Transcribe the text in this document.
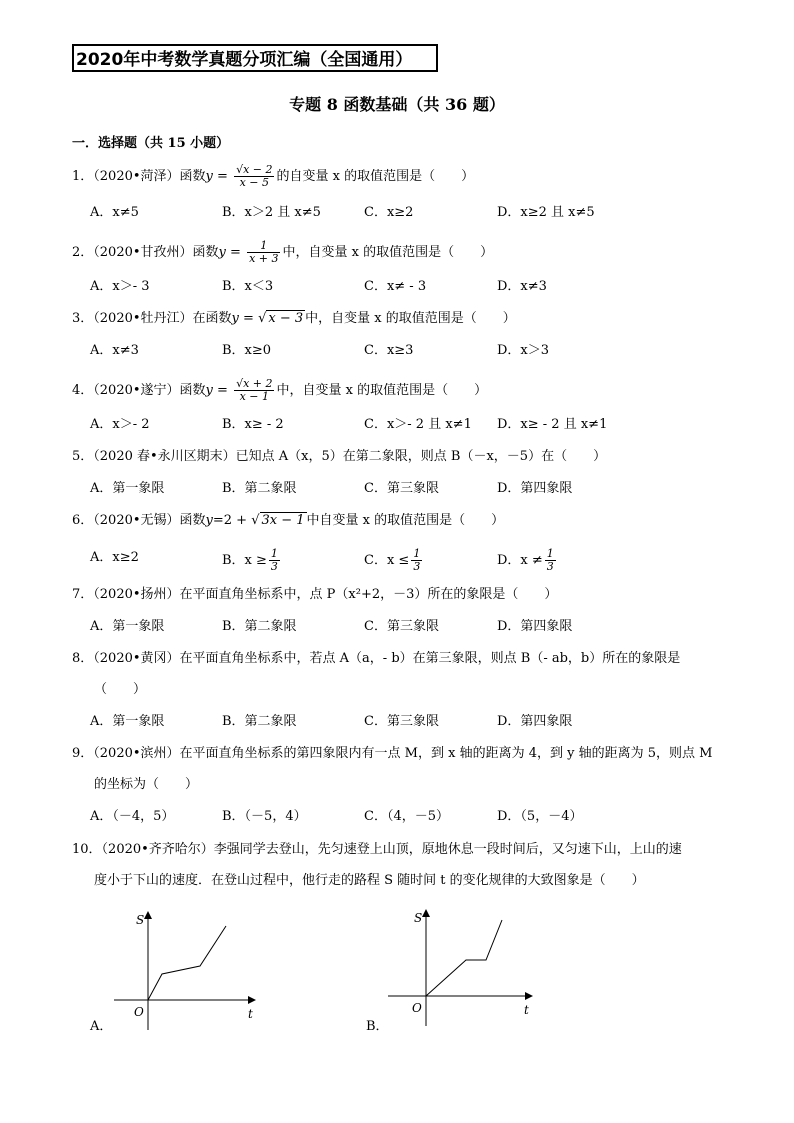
2020年中考数学真题分项汇编（全国通用）
专题 8 函数基础（共 36 题）
一．选择题（共 15 小题）
1．（2020•菏泽）函数$y = \frac{√x - 2}{x - 5}$ 的自变量 x 的取值范围是（　　）
A．x≠5	B．x＞2 且 x≠5	C．x≥2	D．x≥2 且 x≠5
2．（2020•甘孜州）函数$y = \frac{1}{x + 3}$ 中，自变量 x 的取值范围是（　　）
A．x＞- 3	B．x＜3	C．x≠ - 3	D．x≠3
3．（2020•牡丹江）在函数y = √ x − 3 中，自变量 x 的取值范围是（　　）
A．x≠3	B．x≥0	C．x≥3	D．x＞3
4．（2020•遂宁）函数$y = \frac{√x + 2}{x - 1}$ 中，自变量 x 的取值范围是（　　）
A．x＞- 2	B．x≥ - 2	C．x＞- 2 且 x≠1 D．x≥ - 2 且 x≠1
5．（2020 春•永川区期末）已知点 A（x，5）在第二象限，则点 B（－x，－5）在（　　）
A．第一象限	B．第二象限	C．第三象限	D．第四象限
6．（2020•无锡）函数y=2 + √ 3x − 1 中自变量 x 的取值范围是（　　）
A．x≥2	B．$x \ge \frac{1}{3}$	C．$x \le \frac{1}{3}$	D．$x \ne \frac{1}{3}$
7．（2020•扬州）在平面直角坐标系中，点 P（x²+2，－3）所在的象限是（　　）
A．第一象限	B．第二象限	C．第三象限	D．第四象限
8．（2020•黄冈）在平面直角坐标系中，若点 A（a，- b）在第三象限，则点 B（- ab，b）所在的象限是
（　　）
A．第一象限	B．第二象限	C．第三象限	D．第四象限
9．（2020•滨州）在平面直角坐标系的第四象限内有一点 M，到 x 轴的距离为 4，到 y 轴的距离为 5，则点 M
的坐标为（　　）
A．（－4，5）	B．（－5，4）	C．（4，－5）	D．（5，－4）
10．（2020•齐齐哈尔）李强同学去登山，先匀速登上山顶，原地休息一段时间后，又匀速下山，上山的速
度小于下山的速度．在登山过程中，他行走的路程 S 随时间 t 的变化规律的大致图象是（　　）
S
t
O
A．
S
t
O
B．
